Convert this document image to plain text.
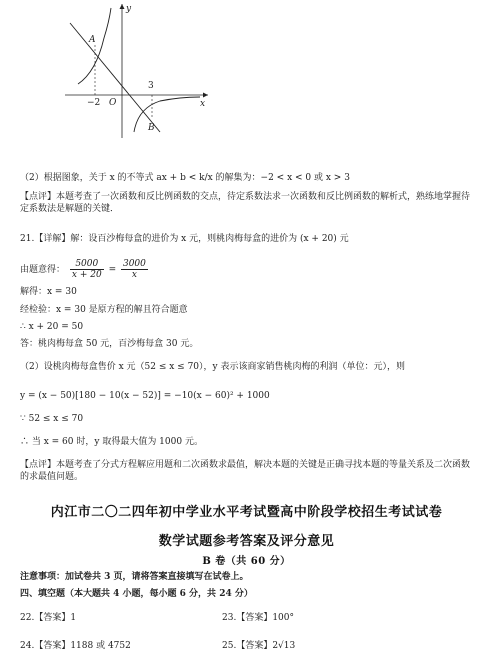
y
x
O
A
B
−2
3
（2）根据图象，关于 x 的不等式 ax + b < k/x 的解集为：−2 < x < 0 或 x > 3
【点评】本题考查了一次函数和反比例函数的交点，待定系数法求一次函数和反比例函数的解析式，熟练地掌握待定系数法是解题的关键．
21.【详解】解：设百沙梅每盒的进价为 x 元，则桃肉梅每盒的进价为 (x + 20) 元
由题意得： $\frac{5000}{x + 20} = \frac{3000}{x}$
解得：x = 30
经检验：x = 30 是原方程的解且符合题意
∴ x + 20 = 50
答：桃肉梅每盒 50 元，百沙梅每盒 30 元。
（2）设桃肉梅每盒售价 x 元（52 ≤ x ≤ 70），y 表示该商家销售桃肉梅的利润（单位：元），则
y = (x − 50)[180 − 10(x − 52)] = −10(x − 60)² + 1000
∵ 52 ≤ x ≤ 70
∴ 当 x = 60 时，y 取得最大值为 1000 元。
【点评】本题考查了分式方程解应用题和二次函数求最值，解决本题的关键是正确寻找本题的等量关系及二次函数的求最值问题。
内江市二〇二四年初中学业水平考试暨高中阶段学校招生考试试卷
数学试题参考答案及评分意见
B 卷（共 60 分）
注意事项：加试卷共 3 页，请将答案直接填写在试卷上。
四、填空题（本大题共 4 小题，每小题 6 分，共 24 分）
22.【答案】1	23.【答案】100°
24.【答案】1188 或 4752	25.【答案】2√13
